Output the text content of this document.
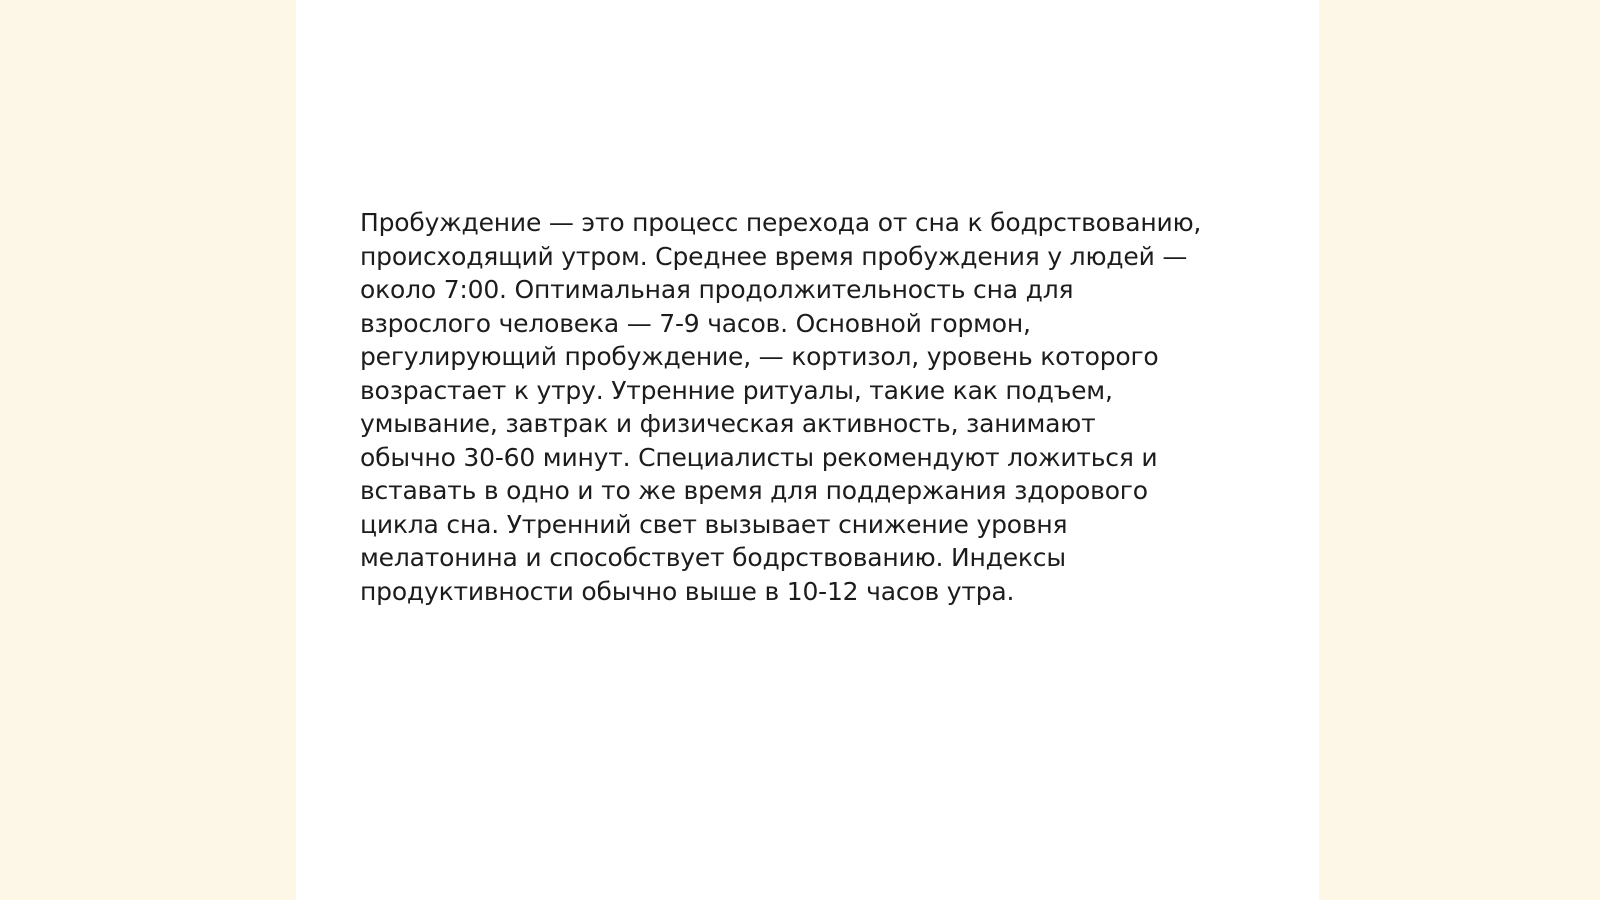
Пробуждение — это процесс перехода от сна к бодрствованию,
происходящий утром. Среднее время пробуждения у людей —
около 7:00. Оптимальная продолжительность сна для
взрослого человека — 7-9 часов. Основной гормон,
регулирующий пробуждение, — кортизол, уровень которого
возрастает к утру. Утренние ритуалы, такие как подъем,
умывание, завтрак и физическая активность, занимают
обычно 30-60 минут. Специалисты рекомендуют ложиться и
вставать в одно и то же время для поддержания здорового
цикла сна. Утренний свет вызывает снижение уровня
мелатонина и способствует бодрствованию. Индексы
продуктивности обычно выше в 10-12 часов утра.
